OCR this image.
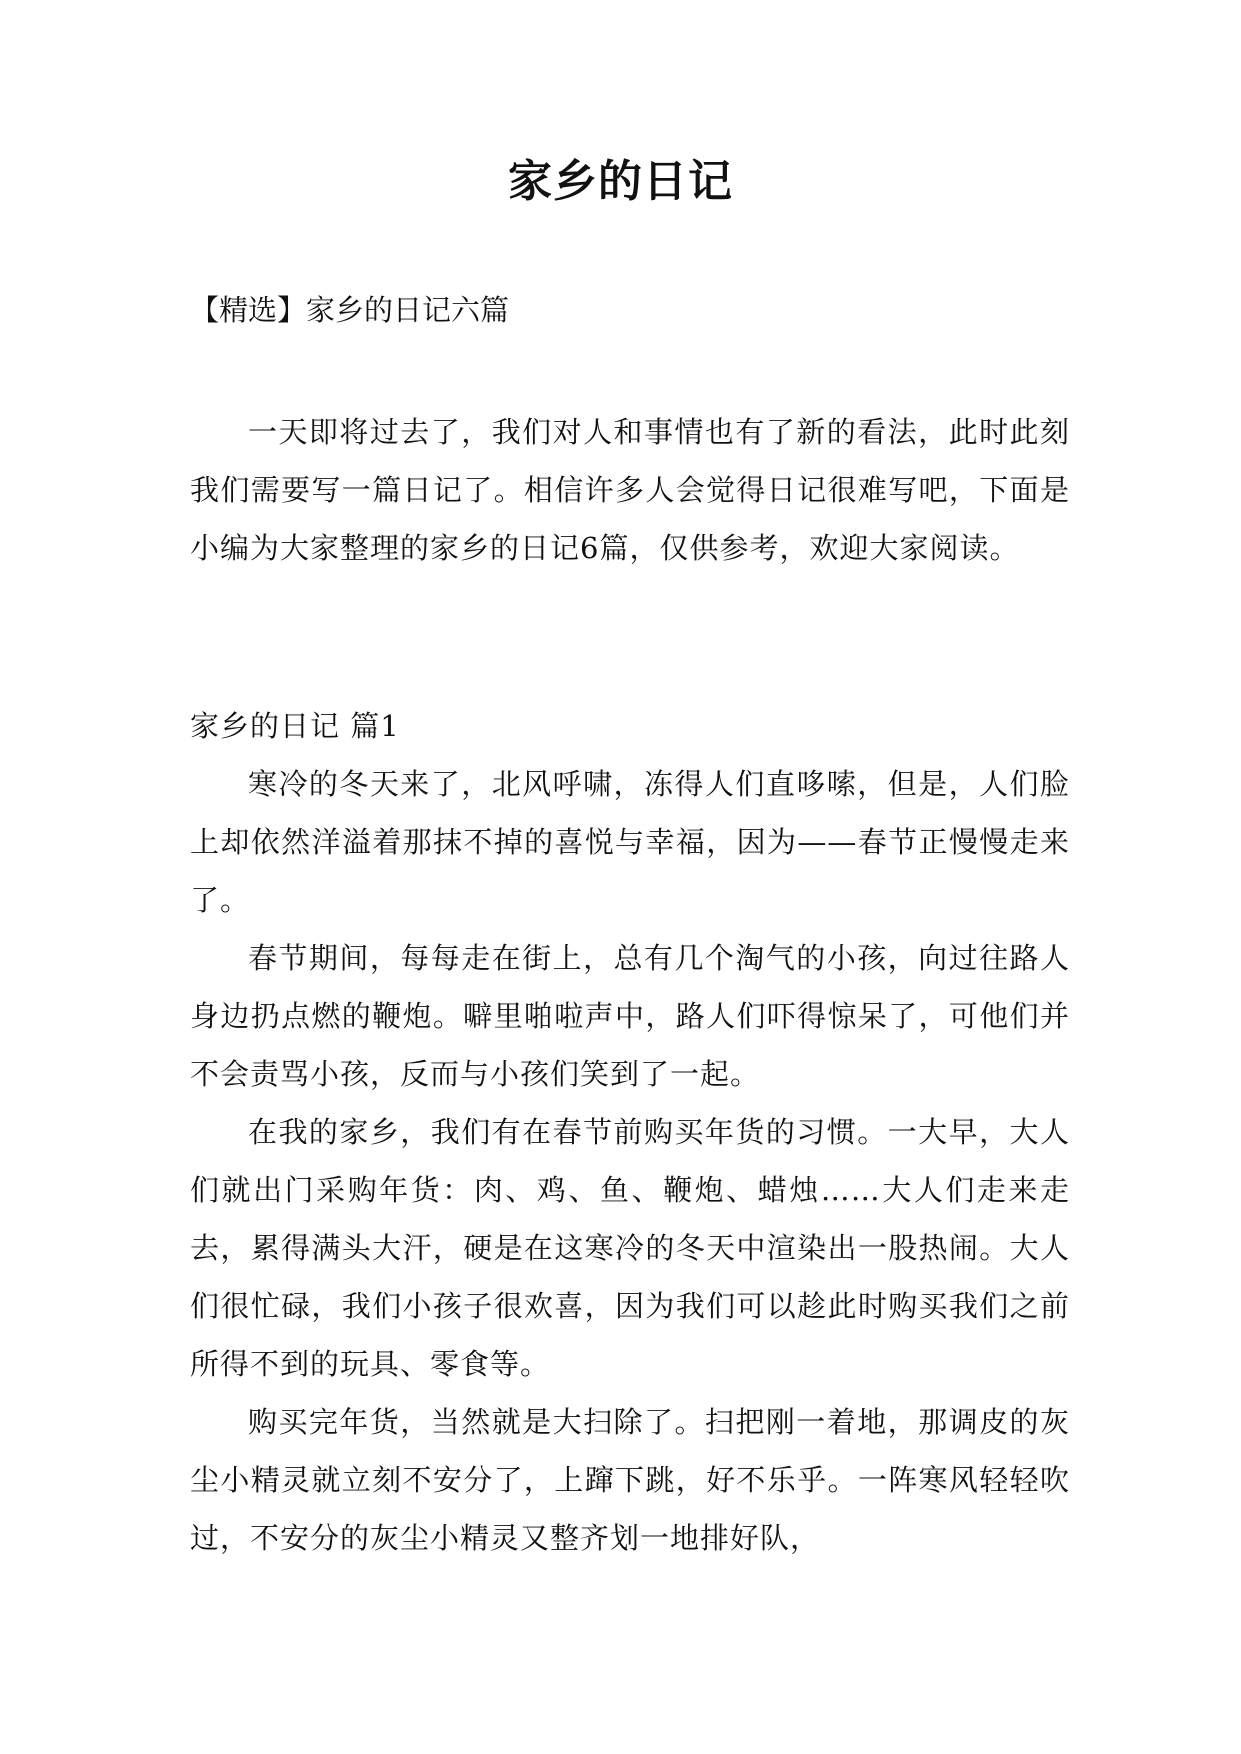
家乡的日记
【精选】家乡的日记六篇

一天即将过去了，我们对人和事情也有了新的看法，此时此刻我们需要写一篇日记了。相信许多人会觉得日记很难写吧，下面是小编为大家整理的家乡的日记6篇，仅供参考，欢迎大家阅读。

家乡的日记 篇1

寒冷的冬天来了，北风呼啸，冻得人们直哆嗦，但是，人们脸上却依然洋溢着那抹不掉的喜悦与幸福，因为——春节正慢慢走来了。

春节期间，每每走在街上，总有几个淘气的小孩，向过往路人身边扔点燃的鞭炮。噼里啪啦声中，路人们吓得惊呆了，可他们并不会责骂小孩，反而与小孩们笑到了一起。

在我的家乡，我们有在春节前购买年货的习惯。一大早，大人们就出门采购年货：肉、鸡、鱼、鞭炮、蜡烛……大人们走来走去，累得满头大汗，硬是在这寒冷的冬天中渲染出一股热闹。大人们很忙碌，我们小孩子很欢喜，因为我们可以趁此时购买我们之前所得不到的玩具、零食等。

购买完年货，当然就是大扫除了。扫把刚一着地，那调皮的灰尘小精灵就立刻不安分了，上蹿下跳，好不乐乎。一阵寒风轻轻吹过，不安分的灰尘小精灵又整齐划一地排好队，
